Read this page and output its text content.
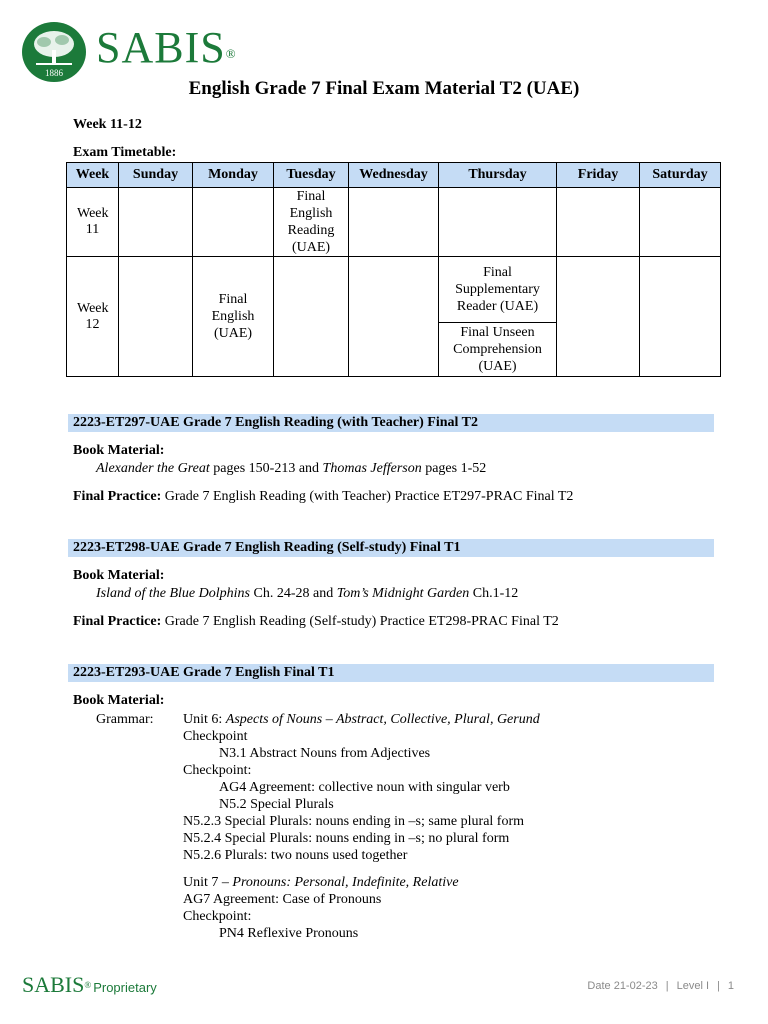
1886
SABIS®
English Grade 7 Final Exam Material T2 (UAE)
Week 11-12
Exam Timetable:
Week	Sunday	Monday	Tuesday	Wednesday	Thursday	Friday	Saturday
Week 11			Final English Reading (UAE)				
Week 12		Final English (UAE)			Final Supplementary Reader (UAE)		
					Final Unseen Comprehension (UAE)		
2223-ET297-UAE Grade 7 English Reading (with Teacher) Final T2
Book Material:
Alexander the Great pages 150-213 and Thomas Jefferson pages 1-52
Final Practice: Grade 7 English Reading (with Teacher) Practice ET297-PRAC Final T2
2223-ET298-UAE Grade 7 English Reading (Self-study) Final T1
Book Material:
Island of the Blue Dolphins Ch. 24-28 and Tom’s Midnight Garden Ch.1-12
Final Practice: Grade 7 English Reading (Self-study) Practice ET298-PRAC Final T2
2223-ET293-UAE Grade 7 English Final T1
Book Material:
Grammar: Unit 6: Aspects of Nouns – Abstract, Collective, Plural, Gerund
Checkpoint
N3.1 Abstract Nouns from Adjectives
Checkpoint:
AG4 Agreement: collective noun with singular verb
N5.2 Special Plurals
N5.2.3 Special Plurals: nouns ending in –s; same plural form
N5.2.4 Special Plurals: nouns ending in –s; no plural form
N5.2.6 Plurals: two nouns used together
Unit 7 – Pronouns: Personal, Indefinite, Relative
AG7 Agreement: Case of Pronouns
Checkpoint:
PN4 Reflexive Pronouns
SABIS® Proprietary	Date 21-02-23 | Level I | 1
